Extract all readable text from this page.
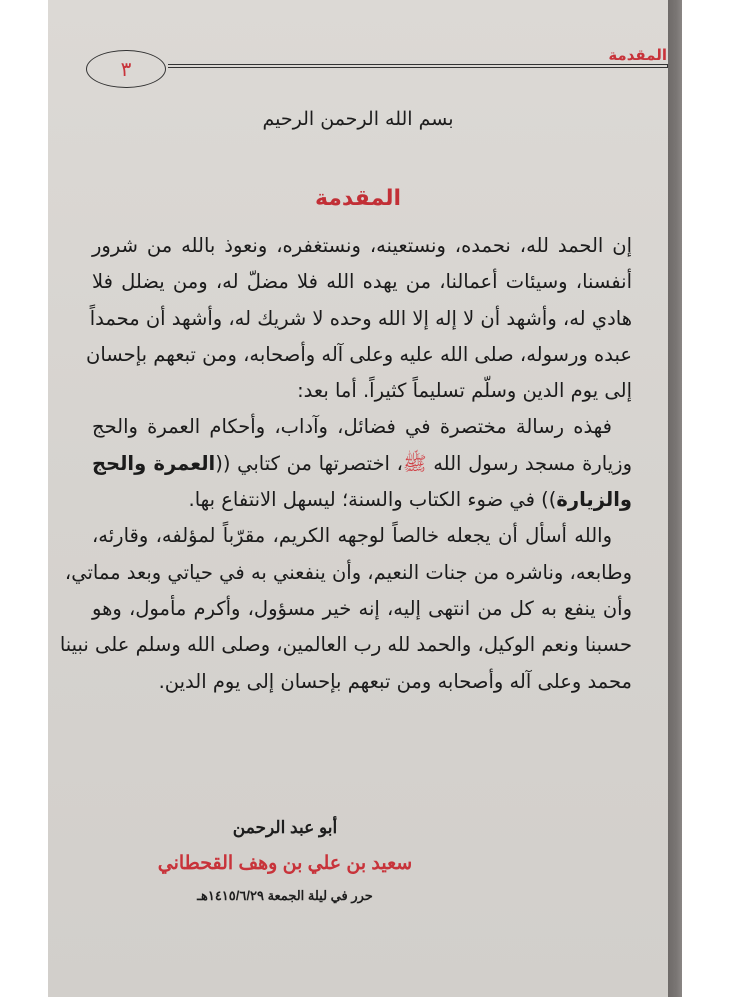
المقدمة
٣
بسم الله الرحمن الرحيم
المقدمة
إن الحمد لله، نحمده، ونستعينه، ونستغفره، ونعوذ بالله من شرور
أنفسنا، وسيئات أعمالنا، من يهده الله فلا مضلّ له، ومن يضلل فلا
هادي له، وأشهد أن لا إله إلا الله وحده لا شريك له، وأشهد أن محمداً
عبده ورسوله، صلى الله عليه وعلى آله وأصحابه، ومن تبعهم بإحسان
إلى يوم الدين وسلّم تسليماً كثيراً. أما بعد:
فهذه رسالة مختصرة في فضائل، وآداب، وأحكام العمرة والحج
وزيارة مسجد رسول الله ﷺ، اختصرتها من كتابي ((العمرة والحج
والزيارة)) في ضوء الكتاب والسنة؛ ليسهل الانتفاع بها.
والله أسأل أن يجعله خالصاً لوجهه الكريم، مقرّباً لمؤلفه، وقارئه،
وطابعه، وناشره من جنات النعيم، وأن ينفعني به في حياتي وبعد مماتي،
وأن ينفع به كل من انتهى إليه، إنه خير مسؤول، وأكرم مأمول، وهو
حسبنا ونعم الوكيل، والحمد لله رب العالمين، وصلى الله وسلم على نبينا
محمد وعلى آله وأصحابه ومن تبعهم بإحسان إلى يوم الدين.
أبو عبد الرحمن
سعيد بن علي بن وهف القحطاني
حرر في ليلة الجمعة ١٤١٥/٦/٢٩هـ
